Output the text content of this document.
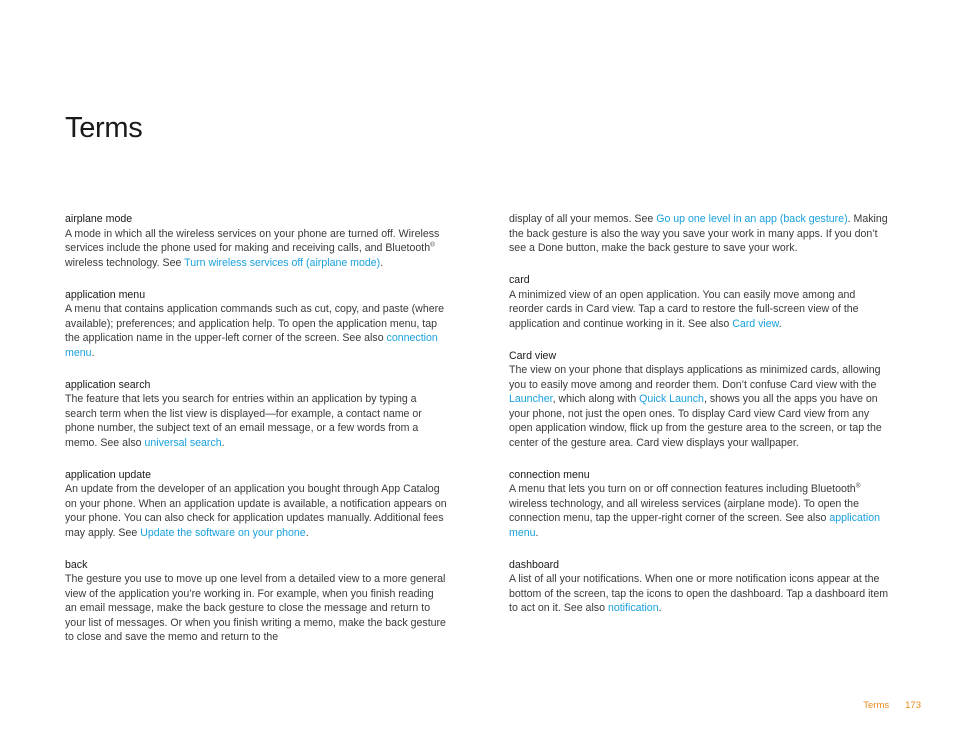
Terms

airplane mode

A mode in which all the wireless services on your phone are turned off. Wireless services include the phone used for making and receiving calls, and Bluetooth® wireless technology. See Turn wireless services off (airplane mode).

application menu

A menu that contains application commands such as cut, copy, and paste (where available); preferences; and application help. To open the application menu, tap the application name in the upper-left corner of the screen. See also connection menu.

application search

The feature that lets you search for entries within an application by typing a search term when the list view is displayed—for example, a contact name or phone number, the subject text of an email message, or a few words from a memo. See also universal search.

application update

An update from the developer of an application you bought through App Catalog on your phone. When an application update is available, a notification appears on your phone. You can also check for application updates manually. Additional fees may apply. See Update the software on your phone.

back

The gesture you use to move up one level from a detailed view to a more general view of the application you’re working in. For example, when you finish reading an email message, make the back gesture to close the message and return to your list of messages. Or when you finish writing a memo, make the back gesture to close and save the memo and return to the

display of all your memos. See Go up one level in an app (back gesture). Making the back gesture is also the way you save your work in many apps. If you don’t see a Done button, make the back gesture to save your work.

card

A minimized view of an open application. You can easily move among and reorder cards in Card view. Tap a card to restore the full-screen view of the application and continue working in it. See also Card view.

Card view

The view on your phone that displays applications as minimized cards, allowing you to easily move among and reorder them. Don’t confuse Card view with the Launcher, which along with Quick Launch, shows you all the apps you have on your phone, not just the open ones. To display Card view Card view from any open application window, flick up from the gesture area to the screen, or tap the center of the gesture area. Card view displays your wallpaper.

connection menu

A menu that lets you turn on or off connection features including Bluetooth® wireless technology, and all wireless services (airplane mode). To open the connection menu, tap the upper-right corner of the screen. See also application menu.

dashboard

A list of all your notifications. When one or more notification icons appear at the bottom of the screen, tap the icons to open the dashboard. Tap a dashboard item to act on it. See also notification.

Terms 173
